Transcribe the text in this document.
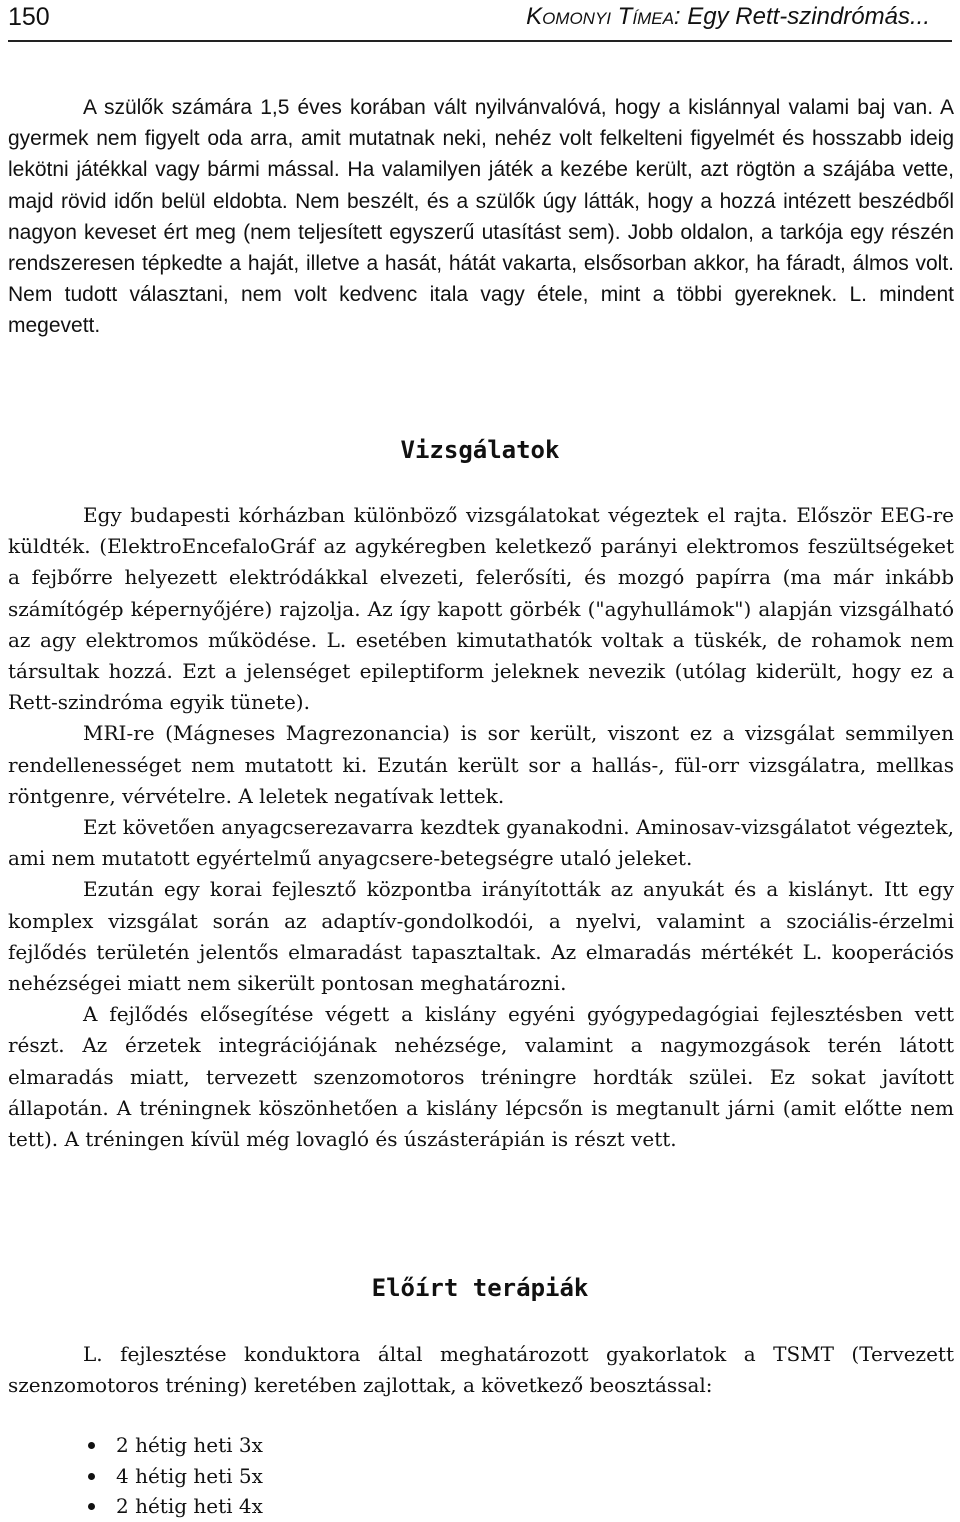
150	Komonyi Tímea: Egy Rett-szindrómás...

A szülők számára 1,5 éves korában vált nyilvánvalóvá, hogy a kislánnyal valami baj van. A gyermek nem figyelt oda arra, amit mutatnak neki, nehéz volt felkelteni figyelmét és hosszabb ideig lekötni játékkal vagy bármi mással. Ha valamilyen játék a kezébe került, azt rögtön a szájába vette, majd rövid időn belül eldobta. Nem beszélt, és a szülők úgy látták, hogy a hozzá intézett beszédből nagyon keveset ért meg (nem teljesített egyszerű utasítást sem). Jobb oldalon, a tarkója egy részén rendszeresen tépkedte a haját, illetve a hasát, hátát vakarta, elsősorban akkor, ha fáradt, álmos volt. Nem tudott választani, nem volt kedvenc itala vagy étele, mint a többi gyereknek. L. mindent megevett.

Vizsgálatok

Egy budapesti kórházban különböző vizsgálatokat végeztek el rajta. Először EEG-re küldték. (ElektroEncefaloGráf az agykéregben keletkező parányi elektromos feszültségeket a fejbőrre helyezett elektródákkal elvezeti, felerősíti, és mozgó papírra (ma már inkább számítógép képernyőjére) rajzolja. Az így kapott görbék ("agyhullámok") alapján vizsgálható az agy elektromos működése. L. esetében kimutathatók voltak a tüskék, de rohamok nem társultak hozzá. Ezt a jelenséget epileptiform jeleknek nevezik (utólag kiderült, hogy ez a Rett-szindróma egyik tünete).

MRI-re (Mágneses Magrezonancia) is sor került, viszont ez a vizsgálat semmilyen rendellenességet nem mutatott ki. Ezután került sor a hallás-, fül-orr vizsgálatra, mellkas röntgenre, vérvételre. A leletek negatívak lettek.

Ezt követően anyagcserezavarra kezdtek gyanakodni. Aminosav-vizsgálatot végeztek, ami nem mutatott egyértelmű anyagcsere-betegségre utaló jeleket.

Ezután egy korai fejlesztő központba irányították az anyukát és a kislányt. Itt egy komplex vizsgálat során az adaptív-gondolkodói, a nyelvi, valamint a szociális-érzelmi fejlődés területén jelentős elmaradást tapasztaltak. Az elmaradás mértékét L. kooperációs nehézségei miatt nem sikerült pontosan meghatározni.

A fejlődés elősegítése végett a kislány egyéni gyógypedagógiai fejlesztésben vett részt. Az érzetek integrációjának nehézsége, valamint a nagymozgások terén látott elmaradás miatt, tervezett szenzomotoros tréningre hordták szülei. Ez sokat javított állapotán. A tréningnek köszönhetően a kislány lépcsőn is megtanult járni (amit előtte nem tett). A tréningen kívül még lovagló és úszásterápián is részt vett.

Előírt terápiák

L. fejlesztése konduktora által meghatározott gyakorlatok a TSMT (Tervezett szenzomotoros tréning) keretében zajlottak, a következő beosztással:

2 hétig heti 3x
4 hétig heti 5x
2 hétig heti 4x
